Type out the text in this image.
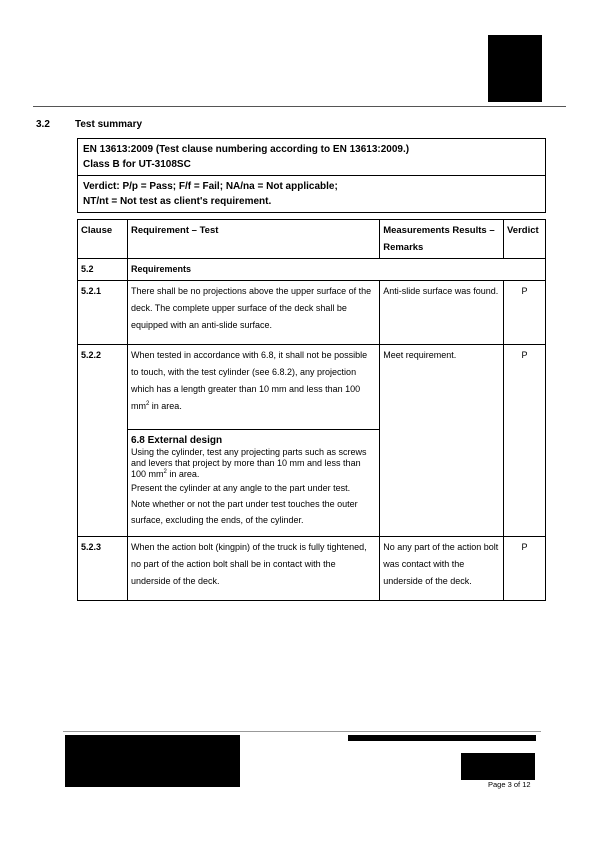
3.2	Test summary
EN 13613:2009 (Test clause numbering according to EN 13613:2009.)
Class B for UT-3108SC
Verdict: P/p = Pass; F/f = Fail; NA/na = Not applicable;
NT/nt = Not test as client's requirement.
Clause	Requirement – Test	Measurements Results – Remarks	Verdict
5.2	Requirements		
5.2.1	There shall be no projections above the upper surface of the deck. The complete upper surface of the deck shall be equipped with an anti-slide surface.	Anti-slide surface was found.	P
5.2.2	When tested in accordance with 6.8, it shall not be possible to touch, with the test cylinder (see 6.8.2), any projection which has a length greater than 10 mm and less than 100 $mm^2$ in area.
6.8 External design
Using the cylinder, test any projecting parts such as screws and levers that project by more than 10 mm and less than 100 $mm^2$ in area.
Present the cylinder at any angle to the part under test.
Note whether or not the part under test touches the outer surface, excluding the ends, of the cylinder.	Meet requirement.	P
5.2.3	When the action bolt (kingpin) of the truck is fully tightened, no part of the action bolt shall be in contact with the underside of the deck.	No any part of the action bolt was contact with the underside of the deck.	P
Page 3 of 12
